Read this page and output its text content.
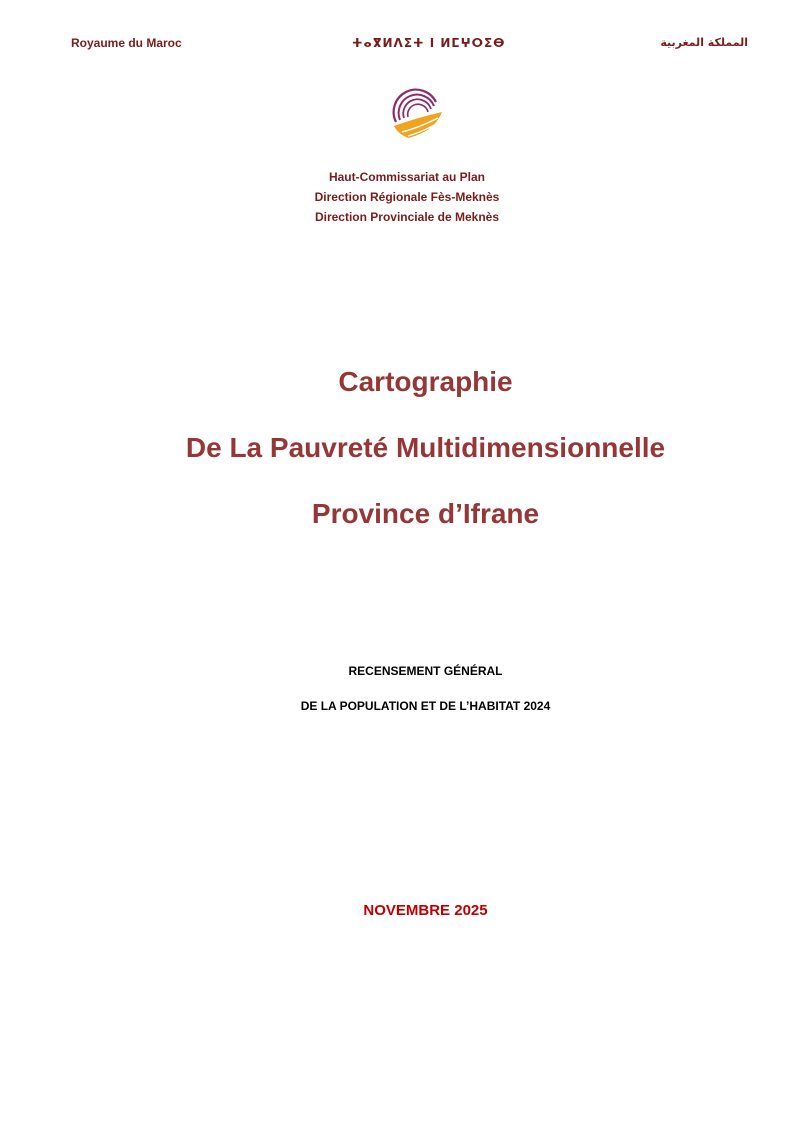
Royaume du Maroc	ⵜⴰⴳⵍⴷⵉⵜ ⵏ ⵍⵎⵖⵔⵉⴱ	المملكة المغربية
Haut-Commissariat au Plan
Direction Régionale Fès-Meknès
Direction Provinciale de Meknès
Cartographie
De La Pauvreté Multidimensionnelle
Province d’Ifrane
RECENSEMENT GÉNÉRAL
DE LA POPULATION ET DE L’HABITAT 2024
NOVEMBRE 2025
